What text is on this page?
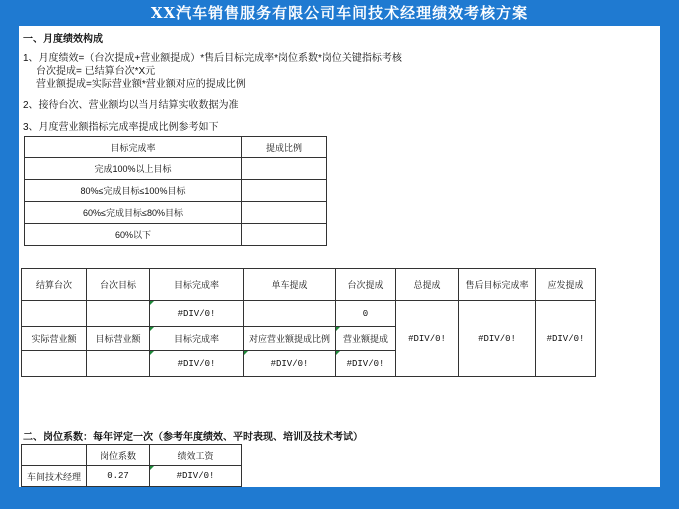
XX汽车销售服务有限公司车间技术经理绩效考核方案
一、月度绩效构成
1、月度绩效=（台次提成+营业额提成）*售后目标完成率*岗位系数*岗位关键指标考核
台次提成= 已结算台次*X元
营业额提成=实际营业额*营业额对应的提成比例
2、接待台次、营业额均以当月结算实收数据为准
3、月度营业额指标完成率提成比例参考如下
目标完成率	提成比例
完成100%以上目标	
80%≤完成目标≤100%目标	
60%≤完成目标≤80%目标	
60%以下	
结算台次	台次目标	目标完成率	单车提成	台次提成	总提成	售后目标完成率	应发提成
		#DIV/0!		0	#DIV/0!	#DIV/0!	#DIV/0!
实际营业额	目标营业额	目标完成率	对应营业额提成比例	营业额提成			
		#DIV/0!	#DIV/0!	#DIV/0!			
二、岗位系数：每年评定一次（参考年度绩效、平时表现、培训及技术考试）
	岗位系数	绩效工资
车间技术经理	0.27	#DIV/0!
